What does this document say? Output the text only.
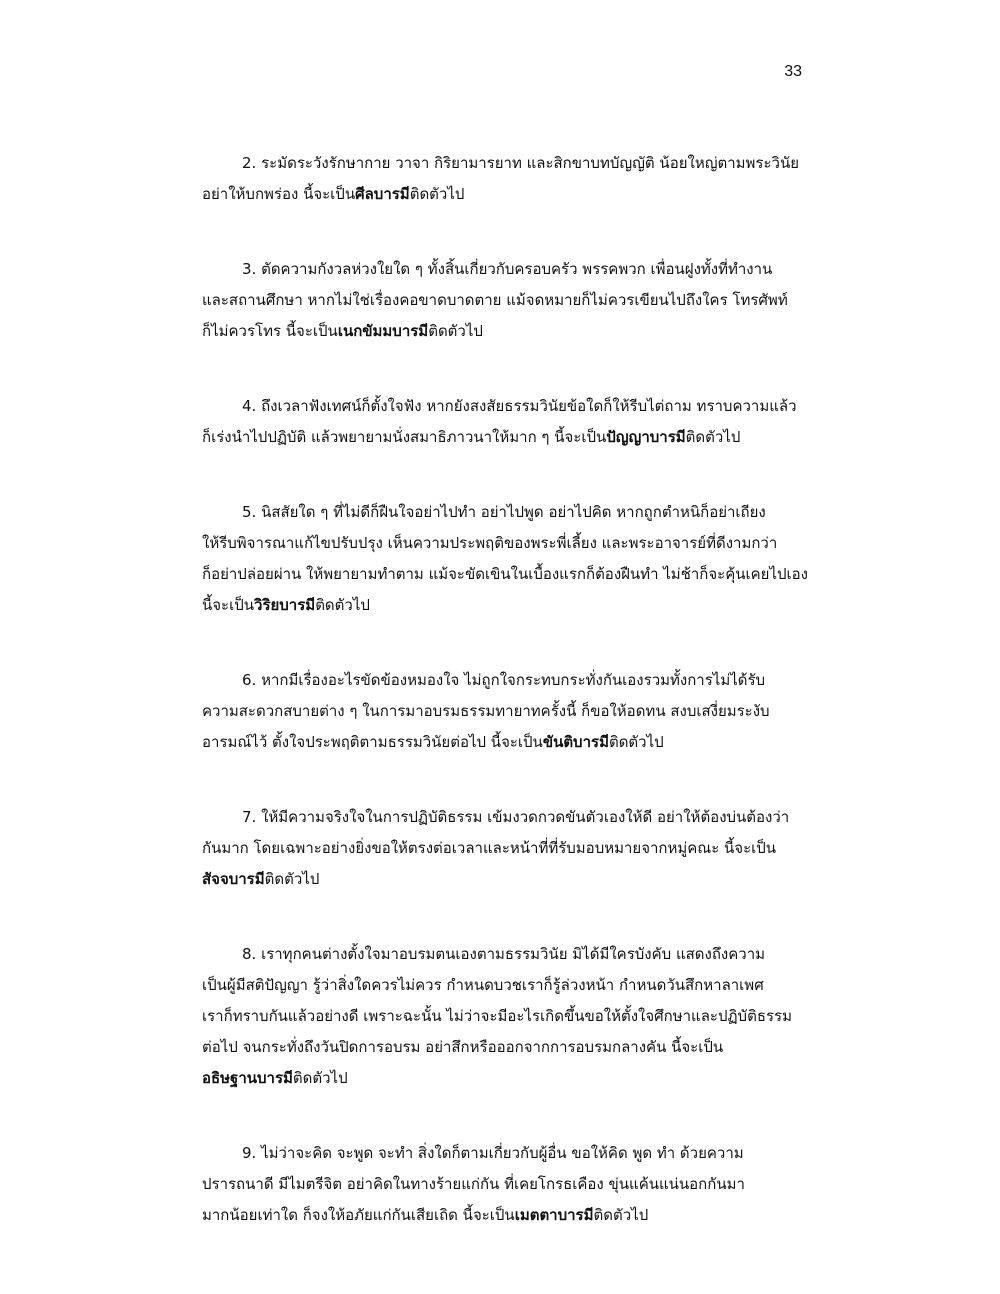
33
2. ระมัดระวังรักษากาย วาจา กิริยามารยาท และสิกขาบทบัญญัติ น้อยใหญ่ตามพระวินัย
อย่าให้บกพร่อง นี้จะเป็นศีลบารมีติดตัวไป
3. ตัดความกังวลห่วงใยใด ๆ ทั้งสิ้นเกี่ยวกับครอบครัว พรรคพวก เพื่อนฝูงทั้งที่ทำงาน
และสถานศึกษา หากไม่ใช่เรื่องคอขาดบาดตาย แม้จดหมายก็ไม่ควรเขียนไปถึงใคร โทรศัพท์
ก็ไม่ควรโทร นี้จะเป็นเนกขัมมบารมีติดตัวไป
4. ถึงเวลาฟังเทศน์ก็ตั้งใจฟัง หากยังสงสัยธรรมวินัยข้อใดก็ให้รีบไต่ถาม ทราบความแล้ว
ก็เร่งนำไปปฏิบัติ แล้วพยายามนั่งสมาธิภาวนาให้มาก ๆ นี้จะเป็นปัญญาบารมีติดตัวไป
5. นิสสัยใด ๆ ที่ไม่ดีก็ฝืนใจอย่าไปทำ อย่าไปพูด อย่าไปคิด หากถูกตำหนิก็อย่าเถียง
ให้รีบพิจารณาแก้ไขปรับปรุง เห็นความประพฤติของพระพี่เลี้ยง และพระอาจารย์ที่ดีงามกว่า
ก็อย่าปล่อยผ่าน ให้พยายามทำตาม แม้จะขัดเขินในเบื้องแรกก็ต้องฝืนทำ ไม่ช้าก็จะคุ้นเคยไปเอง
นี้จะเป็นวิริยบารมีติดตัวไป
6. หากมีเรื่องอะไรขัดข้องหมองใจ ไม่ถูกใจกระทบกระทั่งกันเองรวมทั้งการไม่ได้รับ
ความสะดวกสบายต่าง ๆ ในการมาอบรมธรรมทายาทครั้งนี้ ก็ขอให้อดทน สงบเสงี่ยมระงับ
อารมณ์ไว้ ตั้งใจประพฤติตามธรรมวินัยต่อไป นี้จะเป็นขันติบารมีติดตัวไป
7. ให้มีความจริงใจในการปฏิบัติธรรม เข้มงวดกวดขันตัวเองให้ดี อย่าให้ต้องบ่นต้องว่า
กันมาก โดยเฉพาะอย่างยิ่งขอให้ตรงต่อเวลาและหน้าที่ที่รับมอบหมายจากหมู่คณะ นี้จะเป็น
สัจจบารมีติดตัวไป
8. เราทุกคนต่างตั้งใจมาอบรมตนเองตามธรรมวินัย มิได้มีใครบังคับ แสดงถึงความ
เป็นผู้มีสติปัญญา รู้ว่าสิ่งใดควรไม่ควร กำหนดบวชเราก็รู้ล่วงหน้า กำหนดวันสึกหาลาเพศ
เราก็ทราบกันแล้วอย่างดี เพราะฉะนั้น ไม่ว่าจะมีอะไรเกิดขึ้นขอให้ตั้งใจศึกษาและปฏิบัติธรรม
ต่อไป จนกระทั่งถึงวันปิดการอบรม อย่าสึกหรือออกจากการอบรมกลางคัน นี้จะเป็น
อธิษฐานบารมีติดตัวไป
9. ไม่ว่าจะคิด จะพูด จะทำ สิ่งใดก็ตามเกี่ยวกับผู้อื่น ขอให้คิด พูด ทำ ด้วยความ
ปรารถนาดี มีไมตรีจิต อย่าคิดในทางร้ายแก่กัน ที่เคยโกรธเคือง ขุ่นแค้นแน่นอกกันมา
มากน้อยเท่าใด ก็จงให้อภัยแก่กันเสียเถิด นี้จะเป็นเมตตาบารมีติดตัวไป
